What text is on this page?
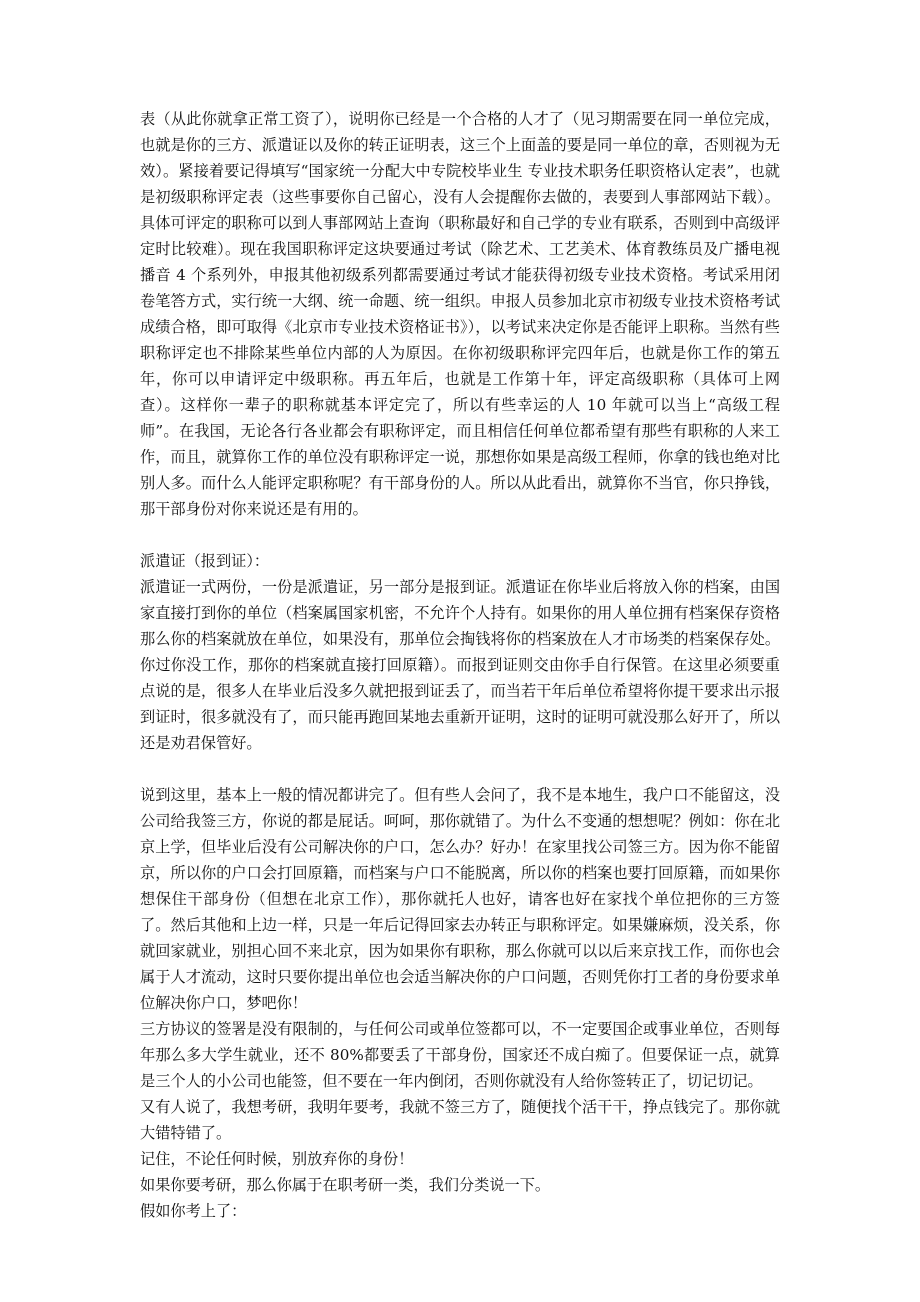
表（从此你就拿正常工资了），说明你已经是一个合格的人才了（见习期需要在同一单位完成，也就是你的三方、派遣证以及你的转正证明表，这三个上面盖的要是同一单位的章，否则视为无效）。紧接着要记得填写“国家统一分配大中专院校毕业生 专业技术职务任职资格认定表”，也就是初级职称评定表（这些事要你自己留心，没有人会提醒你去做的，表要到人事部网站下载）。具体可评定的职称可以到人事部网站上查询（职称最好和自己学的专业有联系，否则到中高级评定时比较难）。现在我国职称评定这块要通过考试（除艺术、工艺美术、体育教练员及广播电视播音 4 个系列外，申报其他初级系列都需要通过考试才能获得初级专业技术资格。考试采用闭卷笔答方式，实行统一大纲、统一命题、统一组织。申报人员参加北京市初级专业技术资格考试成绩合格，即可取得《北京市专业技术资格证书》），以考试来决定你是否能评上职称。当然有些职称评定也不排除某些单位内部的人为原因。在你初级职称评完四年后，也就是你工作的第五年，你可以申请评定中级职称。再五年后，也就是工作第十年，评定高级职称（具体可上网查）。这样你一辈子的职称就基本评定完了，所以有些幸运的人 10 年就可以当上“高级工程师”。在我国，无论各行各业都会有职称评定，而且相信任何单位都希望有那些有职称的人来工作，而且，就算你工作的单位没有职称评定一说，那想你如果是高级工程师，你拿的钱也绝对比别人多。而什么人能评定职称呢？有干部身份的人。所以从此看出，就算你不当官，你只挣钱，那干部身份对你来说还是有用的。

派遣证（报到证）：

派遣证一式两份，一份是派遣证，另一部分是报到证。派遣证在你毕业后将放入你的档案，由国家直接打到你的单位（档案属国家机密，不允许个人持有。如果你的用人单位拥有档案保存资格那么你的档案就放在单位，如果没有，那单位会掏钱将你的档案放在人才市场类的档案保存处。你过你没工作，那你的档案就直接打回原籍）。而报到证则交由你手自行保管。在这里必须要重点说的是，很多人在毕业后没多久就把报到证丢了，而当若干年后单位希望将你提干要求出示报到证时，很多就没有了，而只能再跑回某地去重新开证明，这时的证明可就没那么好开了，所以还是劝君保管好。

说到这里，基本上一般的情况都讲完了。但有些人会问了，我不是本地生，我户口不能留这，没公司给我签三方，你说的都是屁话。呵呵，那你就错了。为什么不变通的想想呢？例如：你在北京上学，但毕业后没有公司解决你的户口，怎么办？好办！在家里找公司签三方。因为你不能留京，所以你的户口会打回原籍，而档案与户口不能脱离，所以你的档案也要打回原籍，而如果你想保住干部身份（但想在北京工作），那你就托人也好，请客也好在家找个单位把你的三方签了。然后其他和上边一样，只是一年后记得回家去办转正与职称评定。如果嫌麻烦，没关系，你就回家就业，别担心回不来北京，因为如果你有职称，那么你就可以以后来京找工作，而你也会属于人才流动，这时只要你提出单位也会适当解决你的户口问题，否则凭你打工者的身份要求单位解决你户口，梦吧你！

三方协议的签署是没有限制的，与任何公司或单位签都可以，不一定要国企或事业单位，否则每年那么多大学生就业，还不 80%都要丢了干部身份，国家还不成白痴了。但要保证一点，就算是三个人的小公司也能签，但不要在一年内倒闭，否则你就没有人给你签转正了，切记切记。

又有人说了，我想考研，我明年要考，我就不签三方了，随便找个活干干，挣点钱完了。那你就大错特错了。

记住，不论任何时候，别放弃你的身份！

如果你要考研，那么你属于在职考研一类，我们分类说一下。

假如你考上了：
